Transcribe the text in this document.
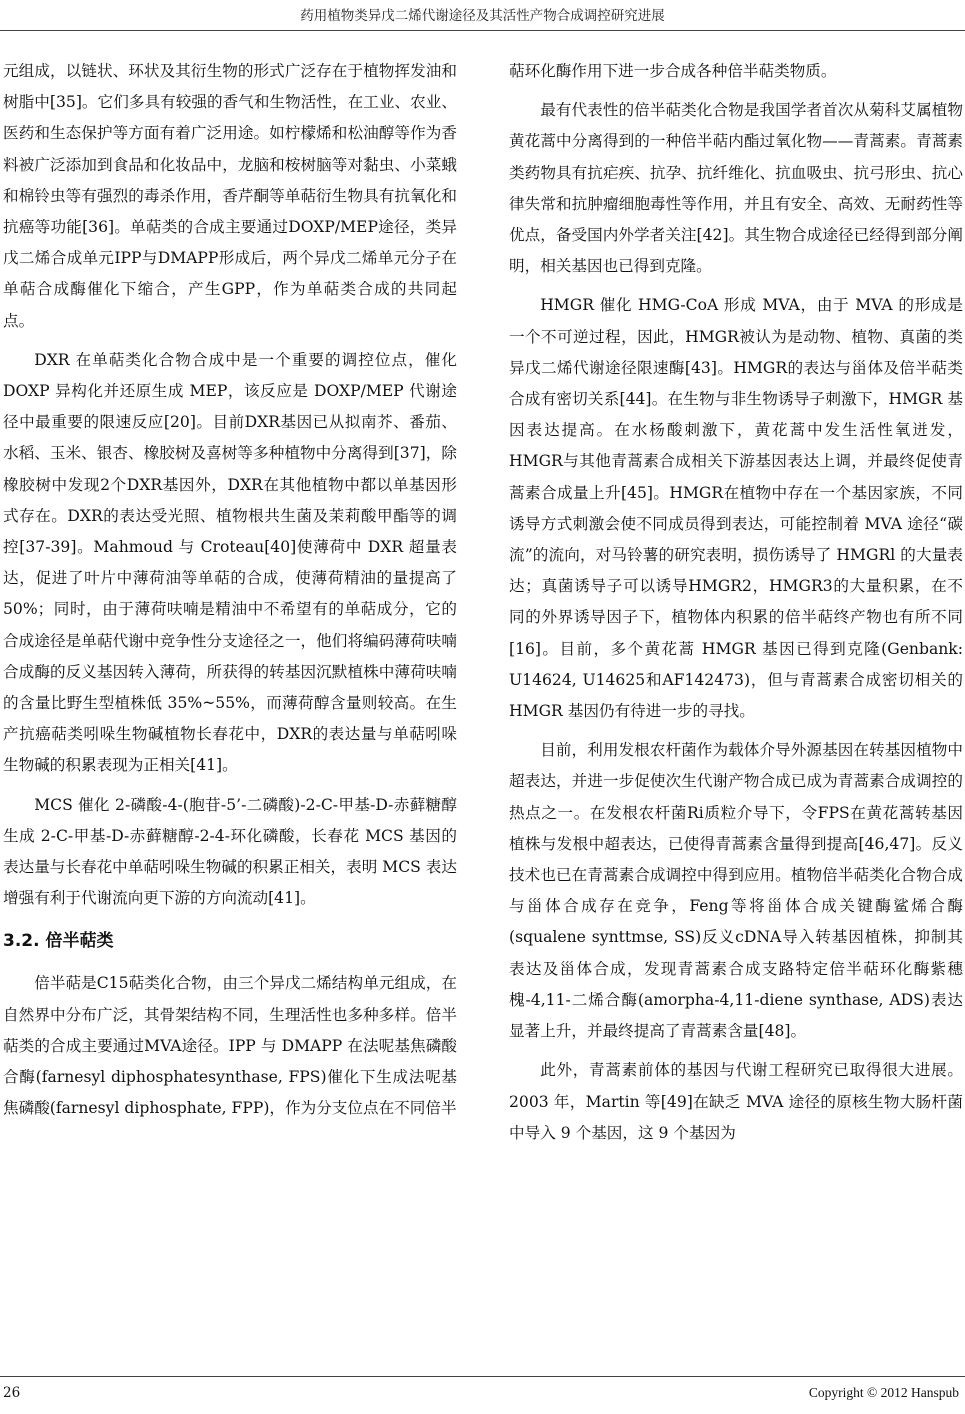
药用植物类异戊二烯代谢途径及其活性产物合成调控研究进展

元组成，以链状、环状及其衍生物的形式广泛存在于植物挥发油和树脂中[35]。它们多具有较强的香气和生物活性，在工业、农业、医药和生态保护等方面有着广泛用途。如柠檬烯和松油醇等作为香料被广泛添加到食品和化妆品中，龙脑和桉树脑等对黏虫、小菜蛾和棉铃虫等有强烈的毒杀作用，香芹酮等单萜衍生物具有抗氧化和抗癌等功能[36]。单萜类的合成主要通过DOXP/MEP途径，类异戊二烯合成单元IPP与DMAPP形成后，两个异戊二烯单元分子在单萜合成酶催化下缩合，产生GPP，作为单萜类合成的共同起点。

DXR 在单萜类化合物合成中是一个重要的调控位点，催化 DOXP 异构化并还原生成 MEP，该反应是 DOXP/MEP 代谢途径中最重要的限速反应[20]。目前DXR基因已从拟南芥、番茄、水稻、玉米、银杏、橡胶树及喜树等多种植物中分离得到[37]，除橡胶树中发现2个DXR基因外，DXR在其他植物中都以单基因形式存在。DXR的表达受光照、植物根共生菌及茉莉酸甲酯等的调控[37-39]。Mahmoud 与 Croteau[40]使薄荷中 DXR 超量表达，促进了叶片中薄荷油等单萜的合成，使薄荷精油的量提高了 50%；同时，由于薄荷呋喃是精油中不希望有的单萜成分，它的合成途径是单萜代谢中竞争性分支途径之一，他们将编码薄荷呋喃合成酶的反义基因转入薄荷，所获得的转基因沉默植株中薄荷呋喃的含量比野生型植株低 35%~55%，而薄荷醇含量则较高。在生产抗癌萜类吲哚生物碱植物长春花中，DXR的表达量与单萜吲哚生物碱的积累表现为正相关[41]。

MCS 催化 2-磷酸-4-(胞苷-5’-二磷酸)-2-C-甲基-D-赤藓糖醇生成 2-C-甲基-D-赤藓糖醇-2-4-环化磷酸，长春花 MCS 基因的表达量与长春花中单萜吲哚生物碱的积累正相关，表明 MCS 表达增强有利于代谢流向更下游的方向流动[41]。

3.2. 倍半萜类

倍半萜是C15萜类化合物，由三个异戊二烯结构单元组成，在自然界中分布广泛，其骨架结构不同，生理活性也多种多样。倍半萜类的合成主要通过MVA途径。IPP 与 DMAPP 在法呢基焦磷酸合酶(farnesyl diphosphatesynthase, FPS)催化下生成法呢基焦磷酸(farnesyl diphosphate, FPP)，作为分支位点在不同倍半

萜环化酶作用下进一步合成各种倍半萜类物质。

最有代表性的倍半萜类化合物是我国学者首次从菊科艾属植物黄花蒿中分离得到的一种倍半萜内酯过氧化物——青蒿素。青蒿素类药物具有抗疟疾、抗孕、抗纤维化、抗血吸虫、抗弓形虫、抗心律失常和抗肿瘤细胞毒性等作用，并且有安全、高效、无耐药性等优点，备受国内外学者关注[42]。其生物合成途径已经得到部分阐明，相关基因也已得到克隆。

HMGR 催化 HMG-CoA 形成 MVA，由于 MVA 的形成是一个不可逆过程，因此，HMGR被认为是动物、植物、真菌的类异戊二烯代谢途径限速酶[43]。HMGR的表达与甾体及倍半萜类合成有密切关系[44]。在生物与非生物诱导子刺激下，HMGR 基因表达提高。在水杨酸刺激下，黄花蒿中发生活性氧迸发，HMGR与其他青蒿素合成相关下游基因表达上调，并最终促使青蒿素合成量上升[45]。HMGR在植物中存在一个基因家族，不同诱导方式刺激会使不同成员得到表达，可能控制着 MVA 途径“碳流”的流向，对马铃薯的研究表明，损伤诱导了 HMGRl 的大量表达；真菌诱导子可以诱导HMGR2，HMGR3的大量积累，在不同的外界诱导因子下，植物体内积累的倍半萜终产物也有所不同[16]。目前，多个黄花蒿 HMGR 基因已得到克隆(Genbank: U14624, U14625和AF142473)，但与青蒿素合成密切相关的 HMGR 基因仍有待进一步的寻找。

目前，利用发根农杆菌作为载体介导外源基因在转基因植物中超表达，并进一步促使次生代谢产物合成已成为青蒿素合成调控的热点之一。在发根农杆菌Ri质粒介导下，令FPS在黄花蒿转基因植株与发根中超表达，已使得青蒿素含量得到提高[46,47]。反义技术也已在青蒿素合成调控中得到应用。植物倍半萜类化合物合成与甾体合成存在竞争，Feng等将甾体合成关键酶鲨烯合酶(squalene synttmse, SS)反义cDNA导入转基因植株，抑制其表达及甾体合成，发现青蒿素合成支路特定倍半萜环化酶紫穗槐-4,11-二烯合酶(amorpha-4,11-diene synthase, ADS)表达显著上升，并最终提高了青蒿素含量[48]。

此外，青蒿素前体的基因与代谢工程研究已取得很大进展。2003 年，Martin 等[49]在缺乏 MVA 途径的原核生物大肠杆菌中导入 9 个基因，这 9 个基因为

26	Copyright © 2012 Hanspub
